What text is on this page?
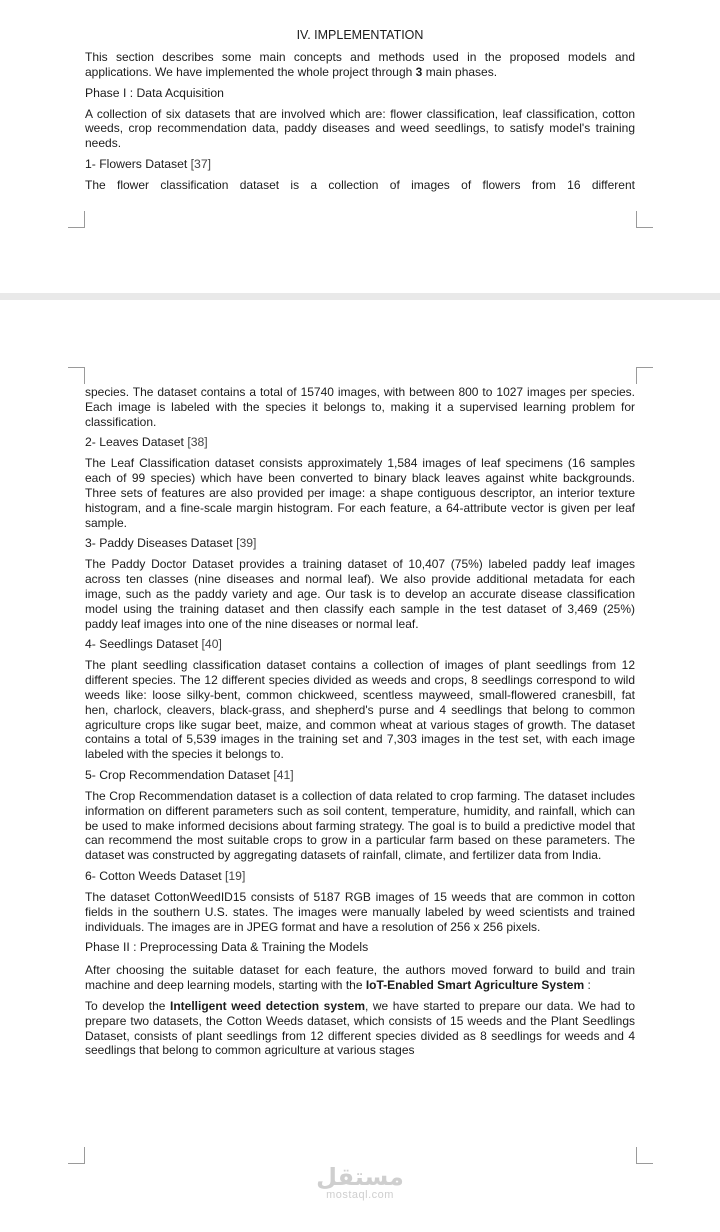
IV. IMPLEMENTATION

This section describes some main concepts and methods used in the proposed models and applications. We have implemented the whole project through 3 main phases.

Phase I : Data Acquisition

A collection of six datasets that are involved which are: flower classification, leaf classification, cotton weeds, crop recommendation data, paddy diseases and weed seedlings, to satisfy model's training needs.

1- Flowers Dataset [37]

The flower classification dataset is a collection of images of flowers from 16 different

species. The dataset contains a total of 15740 images, with between 800 to 1027 images per species. Each image is labeled with the species it belongs to, making it a supervised learning problem for classification.

2- Leaves Dataset [38]

The Leaf Classification dataset consists approximately 1,584 images of leaf specimens (16 samples each of 99 species) which have been converted to binary black leaves against white backgrounds. Three sets of features are also provided per image: a shape contiguous descriptor, an interior texture histogram, and a fine-scale margin histogram. For each feature, a 64-attribute vector is given per leaf sample.

3- Paddy Diseases Dataset [39]

The Paddy Doctor Dataset provides a training dataset of 10,407 (75%) labeled paddy leaf images across ten classes (nine diseases and normal leaf). We also provide additional metadata for each image, such as the paddy variety and age. Our task is to develop an accurate disease classification model using the training dataset and then classify each sample in the test dataset of 3,469 (25%) paddy leaf images into one of the nine diseases or normal leaf.

4- Seedlings Dataset [40]

The plant seedling classification dataset contains a collection of images of plant seedlings from 12 different species. The 12 different species divided as weeds and crops, 8 seedlings correspond to wild weeds like: loose silky-bent, common chickweed, scentless mayweed, small-flowered cranesbill, fat hen, charlock, cleavers, black-grass, and shepherd's purse and 4 seedlings that belong to common agriculture crops like sugar beet, maize, and common wheat at various stages of growth. The dataset contains a total of 5,539 images in the training set and 7,303 images in the test set, with each image labeled with the species it belongs to.

5- Crop Recommendation Dataset [41]

The Crop Recommendation dataset is a collection of data related to crop farming. The dataset includes information on different parameters such as soil content, temperature, humidity, and rainfall, which can be used to make informed decisions about farming strategy. The goal is to build a predictive model that can recommend the most suitable crops to grow in a particular farm based on these parameters. The dataset was constructed by aggregating datasets of rainfall, climate, and fertilizer data from India.

6- Cotton Weeds Dataset [19]

The dataset CottonWeedID15 consists of 5187 RGB images of 15 weeds that are common in cotton fields in the southern U.S. states. The images were manually labeled by weed scientists and trained individuals. The images are in JPEG format and have a resolution of 256 x 256 pixels.

Phase II : Preprocessing Data & Training the Models

After choosing the suitable dataset for each feature, the authors moved forward to build and train machine and deep learning models, starting with the IoT-Enabled Smart Agriculture System :

To develop the Intelligent weed detection system, we have started to prepare our data. We had to prepare two datasets, the Cotton Weeds dataset, which consists of 15 weeds and the Plant Seedlings Dataset, consists of plant seedlings from 12 different species divided as 8 seedlings for weeds and 4 seedlings that belong to common agriculture at various stages

مستقل
mostaql.com
